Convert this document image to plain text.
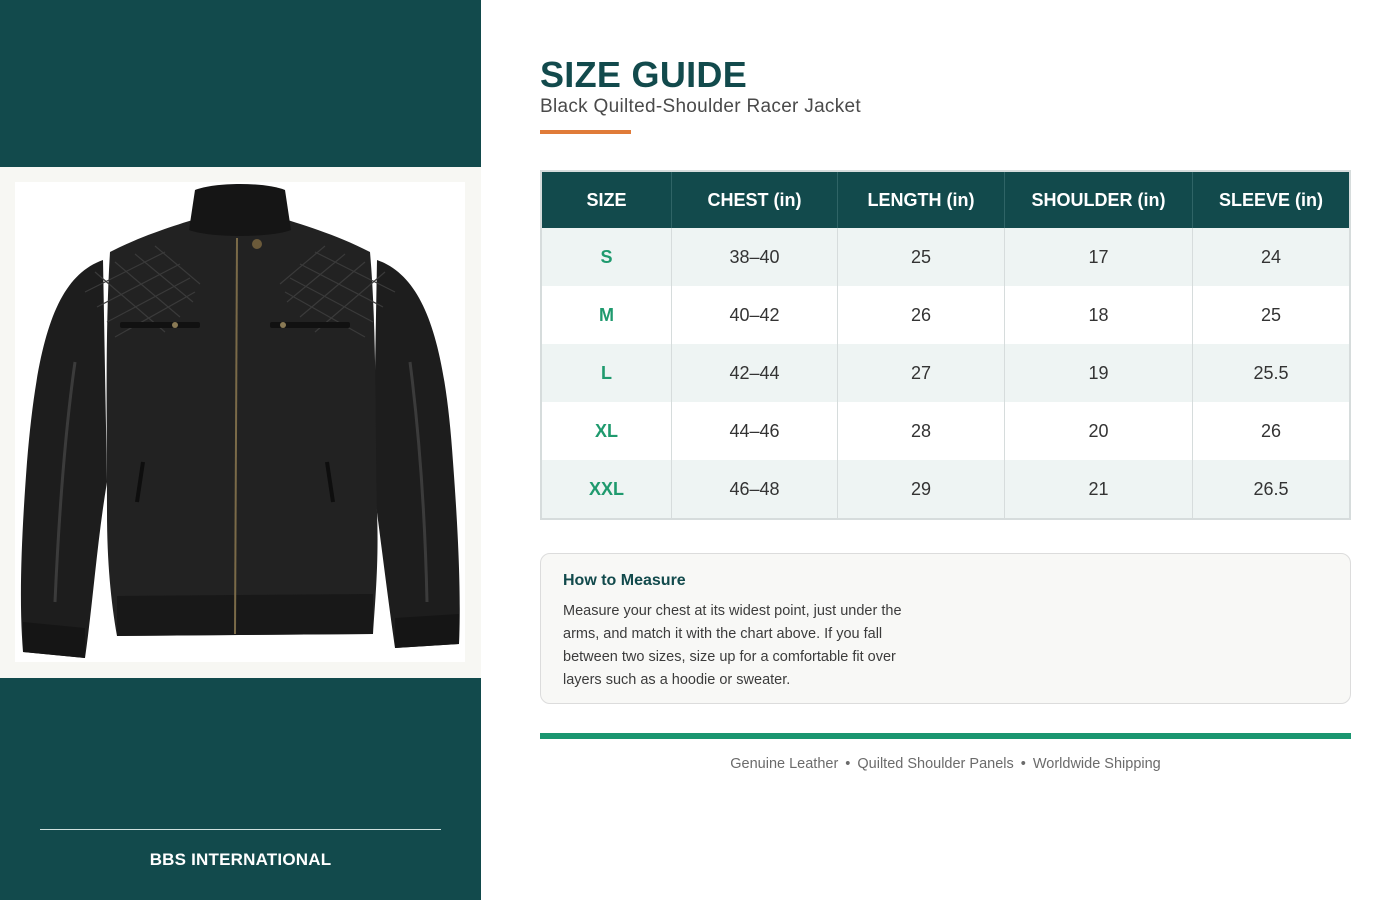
BBS INTERNATIONAL
SIZE GUIDE
Black Quilted-Shoulder Racer Jacket
SIZE	CHEST (in)	LENGTH (in)	SHOULDER (in)	SLEEVE (in)
S	38–40	25	17	24
M	40–42	26	18	25
L	42–44	27	19	25.5
XL	44–46	28	20	26
XXL	46–48	29	21	26.5
How to Measure
Measure your chest at its widest point, just under the arms, and match it with the chart above. If you fall between two sizes, size up for a comfortable fit over layers such as a hoodie or sweater.
Genuine Leather • Quilted Shoulder Panels • Worldwide Shipping
